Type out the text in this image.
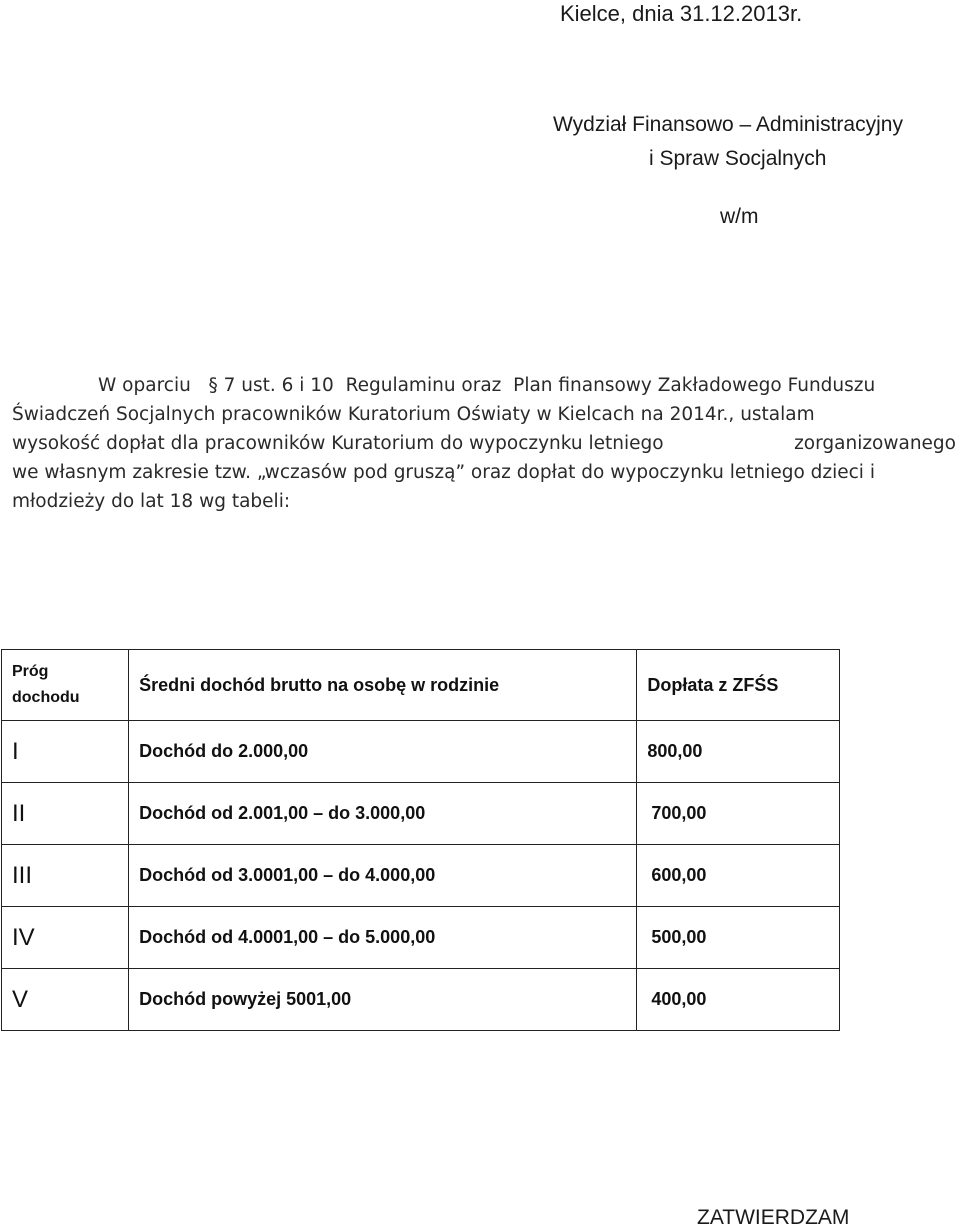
Kielce, dnia 31.12.2013r.
Wydział Finansowo – Administracyjny
i Spraw Socjalnych
w/m
W oparciu   § 7 ust. 6 i 10  Regulaminu oraz  Plan finansowy Zakładowego Funduszu
Świadczeń Socjalnych pracowników Kuratorium Oświaty w Kielcach na 2014r., ustalam
wysokość dopłat dla pracowników Kuratorium do wypoczynku letniego	zorganizowanego
we własnym zakresie tzw. „wczasów pod gruszą” oraz dopłat do wypoczynku letniego dzieci i
młodzieży do lat 18 wg tabeli:
Próg
dochodu	Średni dochód brutto na osobę w rodzinie	Dopłata z ZFŚS
I	Dochód do 2.000,00	800,00
II	Dochód od 2.001,00 – do 3.000,00	700,00
III	Dochód od 3.0001,00 – do 4.000,00	600,00
IV	Dochód od 4.0001,00 – do 5.000,00	500,00
V	Dochód powyżej 5001,00	400,00
ZATWIERDZAM
